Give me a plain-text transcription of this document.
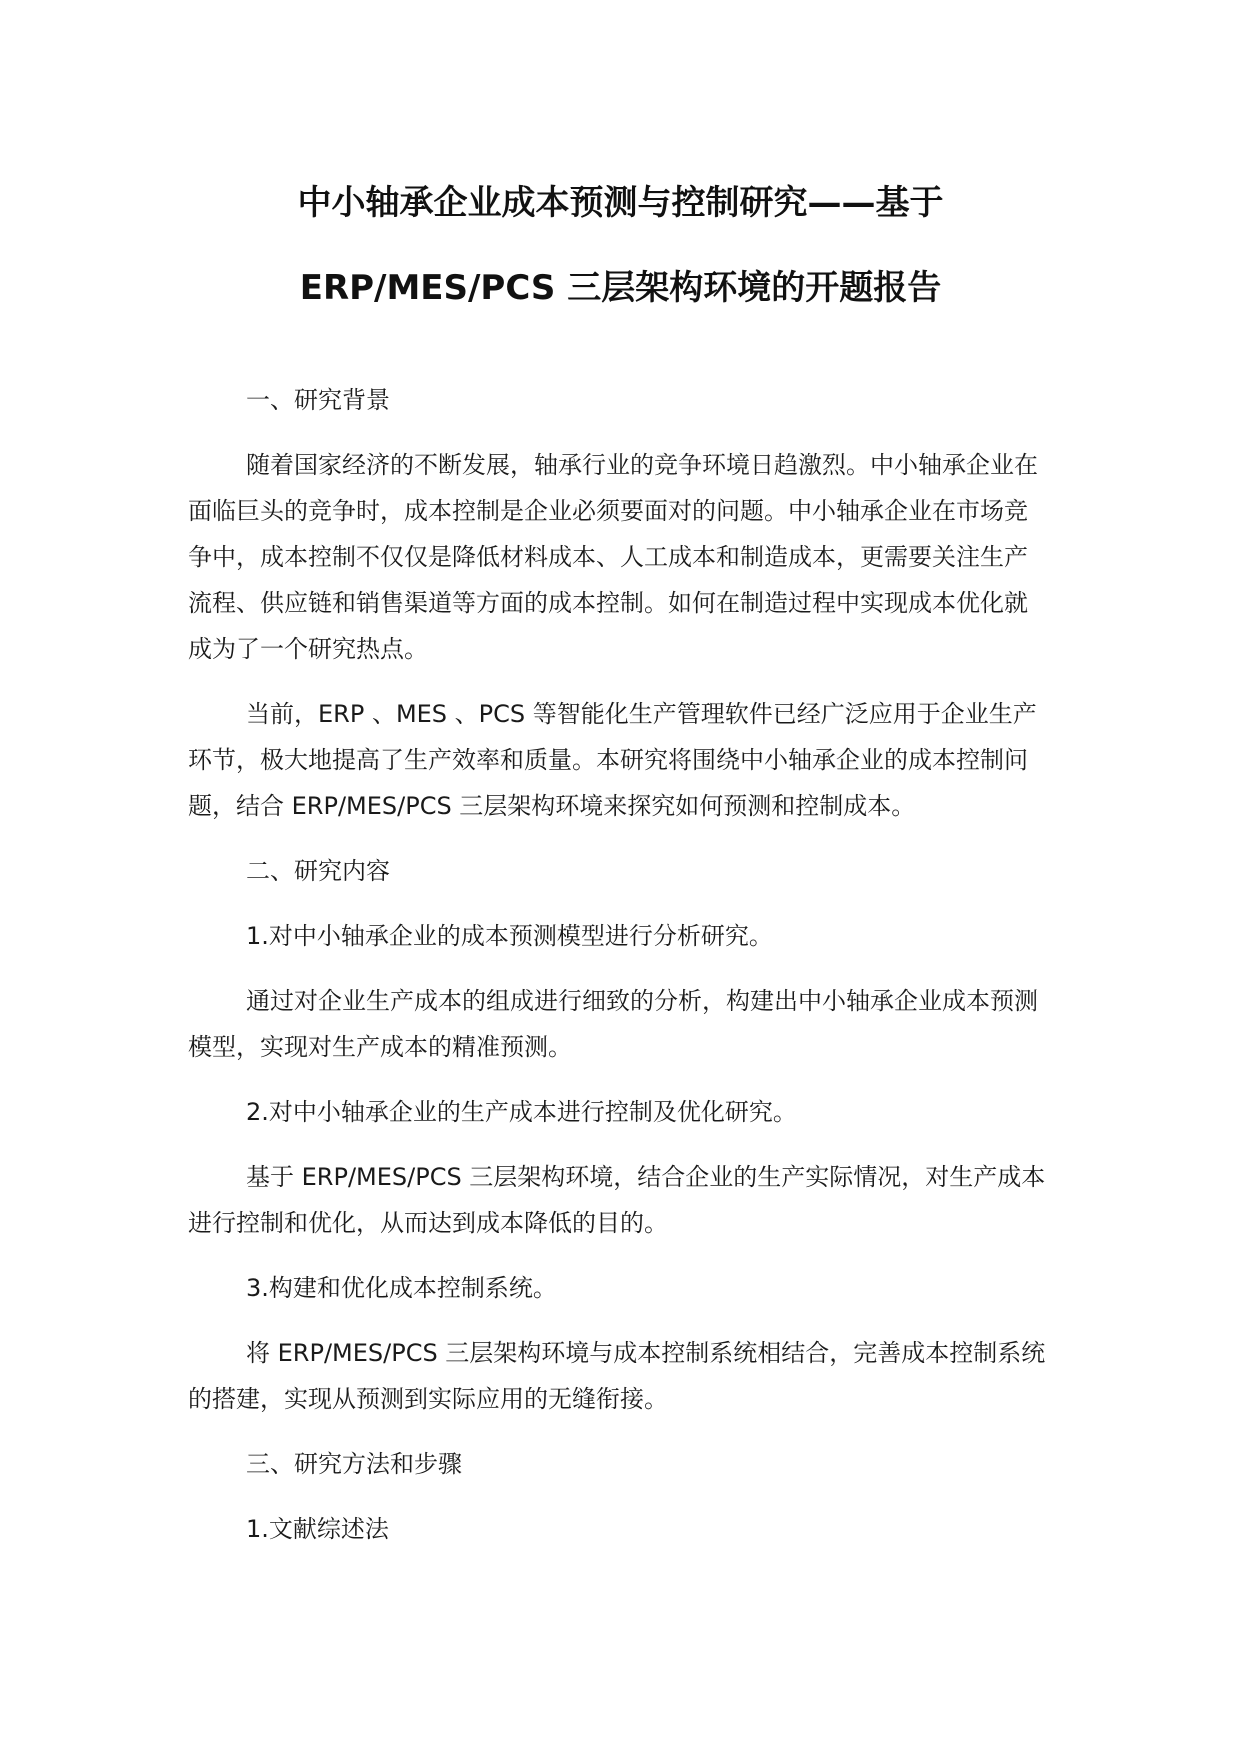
中小轴承企业成本预测与控制研究——基于
ERP/MES/PCS 三层架构环境的开题报告

一、研究背景

随着国家经济的不断发展，轴承行业的竞争环境日趋激烈。中小轴承企业在面临巨头的竞争时，成本控制是企业必须要面对的问题。中小轴承企业在市场竞争中，成本控制不仅仅是降低材料成本、人工成本和制造成本，更需要关注生产流程、供应链和销售渠道等方面的成本控制。如何在制造过程中实现成本优化就成为了一个研究热点。

当前，ERP 、MES 、PCS 等智能化生产管理软件已经广泛应用于企业生产环节，极大地提高了生产效率和质量。本研究将围绕中小轴承企业的成本控制问题，结合 ERP/MES/PCS 三层架构环境来探究如何预测和控制成本。

二、研究内容

1.对中小轴承企业的成本预测模型进行分析研究。

通过对企业生产成本的组成进行细致的分析，构建出中小轴承企业成本预测模型，实现对生产成本的精准预测。

2.对中小轴承企业的生产成本进行控制及优化研究。

基于 ERP/MES/PCS 三层架构环境，结合企业的生产实际情况，对生产成本进行控制和优化，从而达到成本降低的目的。

3.构建和优化成本控制系统。

将 ERP/MES/PCS 三层架构环境与成本控制系统相结合，完善成本控制系统的搭建，实现从预测到实际应用的无缝衔接。

三、研究方法和步骤

1.文献综述法
